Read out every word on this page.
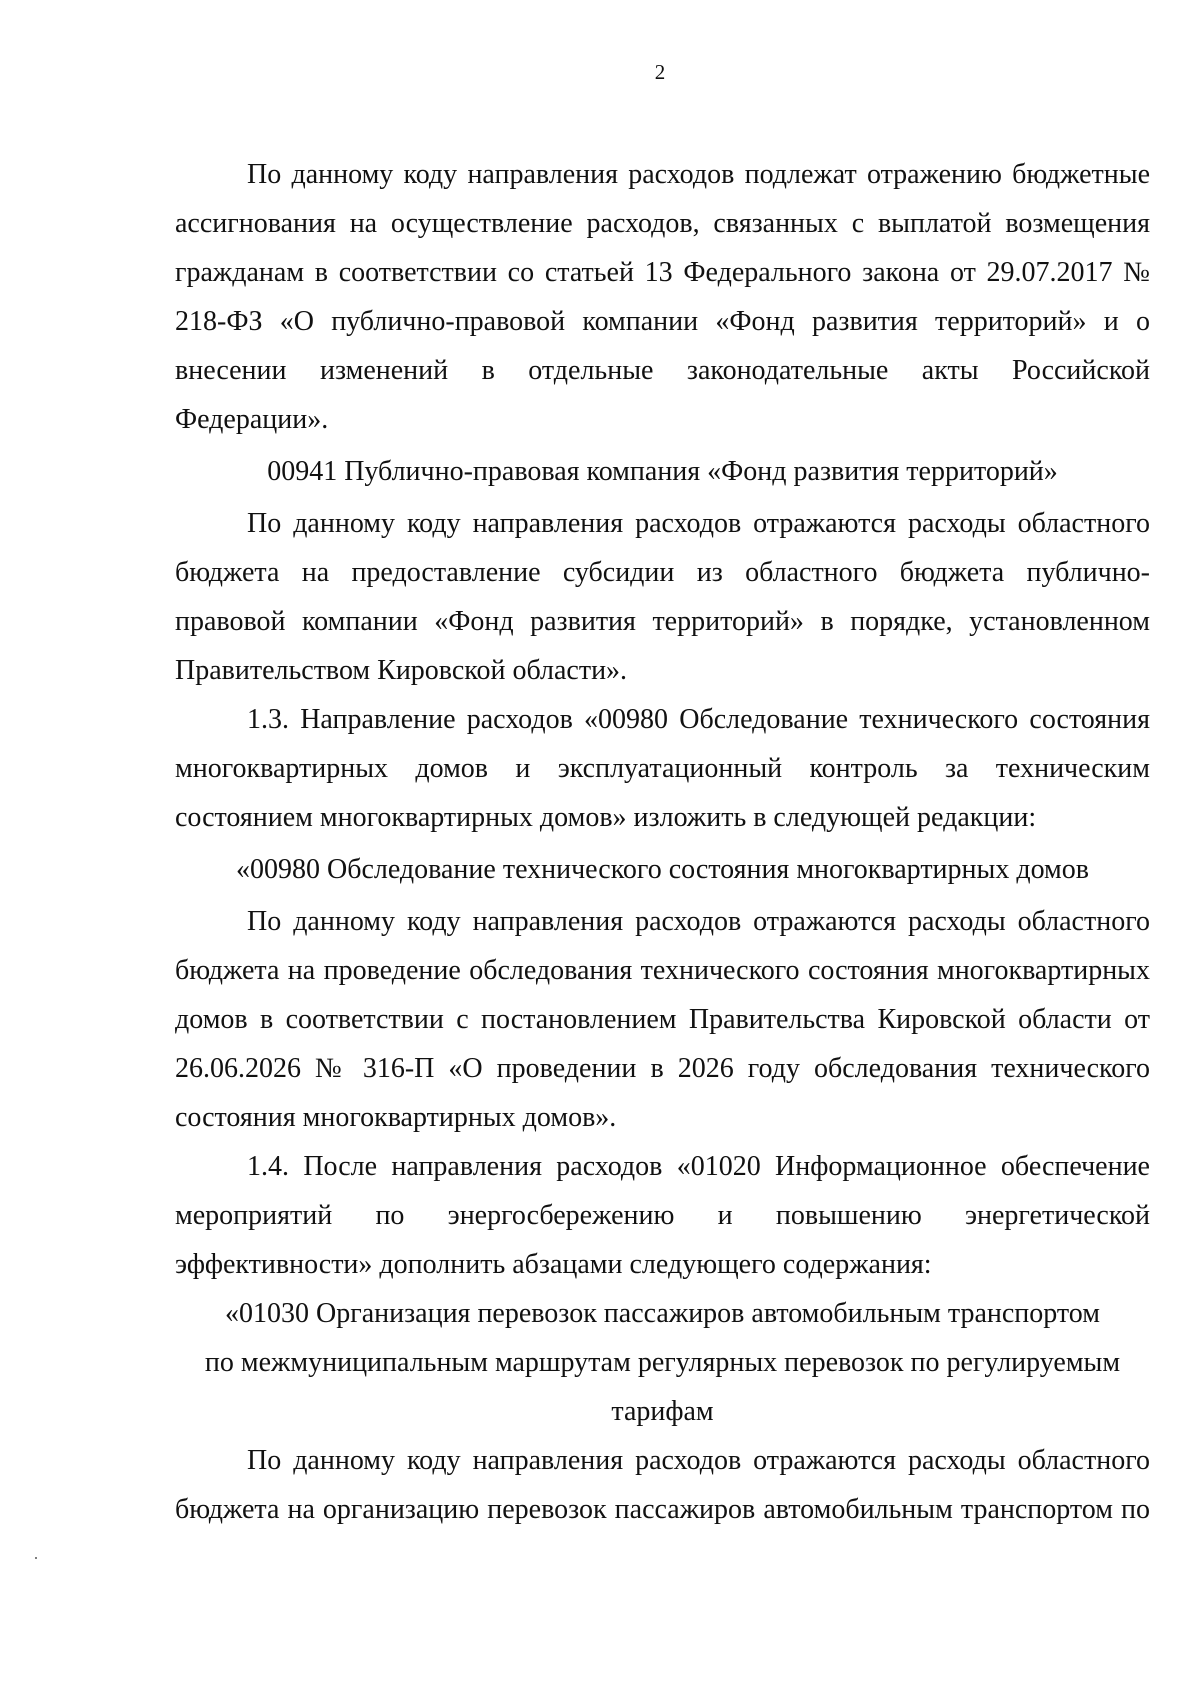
2

По данному коду направления расходов подлежат отражению бюджетные ассигнования на осуществление расходов, связанных с выплатой возмещения гражданам в соответствии со статьей 13 Федерального закона от 29.07.2017 № 218-ФЗ «О публично-правовой компании «Фонд развития территорий» и о внесении изменений в отдельные законодательные акты Российской Федерации».

00941 Публично-правовая компания «Фонд развития территорий»

По данному коду направления расходов отражаются расходы областного бюджета на предоставление субсидии из областного бюджета публично-правовой компании «Фонд развития территорий» в порядке, установленном Правительством Кировской области».

1.3. Направление расходов «00980 Обследование технического состояния многоквартирных домов и эксплуатационный контроль за техническим состоянием многоквартирных домов» изложить в следующей редакции:

«00980 Обследование технического состояния многоквартирных домов

По данному коду направления расходов отражаются расходы областного бюджета на проведение обследования технического состояния многоквартирных домов в соответствии с постановлением Правительства Кировской области от 26.06.2026 № 316-П «О проведении в 2026 году обследования технического состояния многоквартирных домов».

1.4. После направления расходов «01020 Информационное обеспечение мероприятий по энергосбережению и повышению энергетической эффективности» дополнить абзацами следующего содержания:

«01030 Организация перевозок пассажиров автомобильным транспортом

по межмуниципальным маршрутам регулярных перевозок по регулируемым

тарифам

По данному коду направления расходов отражаются расходы областного бюджета на организацию перевозок пассажиров автомобильным транспортом по
